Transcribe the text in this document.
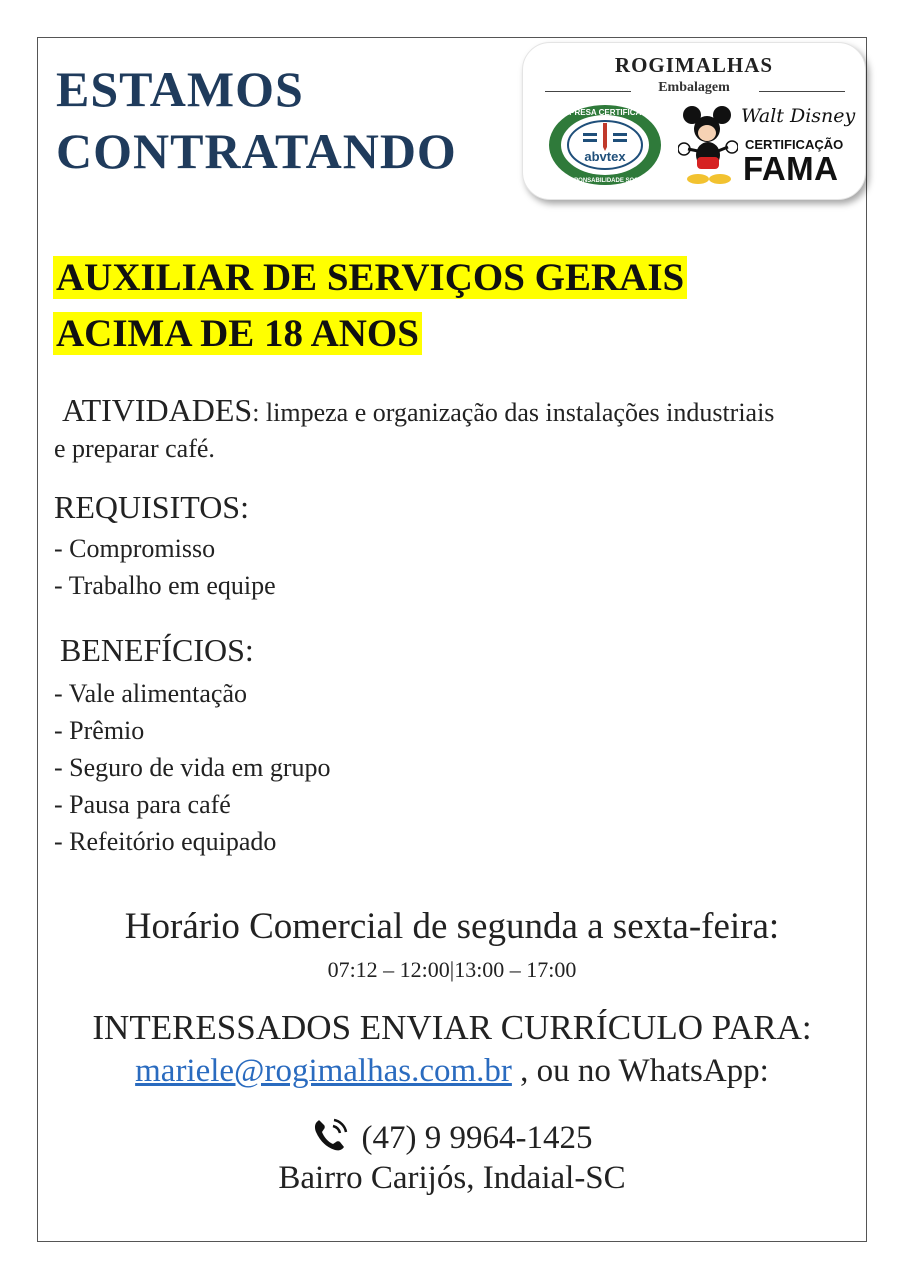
ESTAMOS
CONTRATANDO
ROGIMALHAS
Embalagem
abvtex
EMPRESA CERTIFICADA
RESPONSABILIDADE SOCIAL
Walt Disney
CERTIFICAÇÃO
FAMA
AUXILIAR DE SERVIÇOS GERAIS
ACIMA DE 18 ANOS

ATIVIDADES: limpeza e organização das instalações industriais

e preparar café.

REQUISITOS:

- Compromisso
- Trabalho em equipe

BENEFÍCIOS:

- Vale alimentação
- Prêmio
- Seguro de vida em grupo
- Pausa para café
- Refeitório equipado

Horário Comercial de segunda a sexta-feira:

07:12 – 12:00|13:00 – 17:00

INTERESSADOS ENVIAR CURRÍCULO PARA:

mariele@rogimalhas.com.br , ou no WhatsApp:

(47) 9 9964-1425

Bairro Carijós, Indaial-SC
